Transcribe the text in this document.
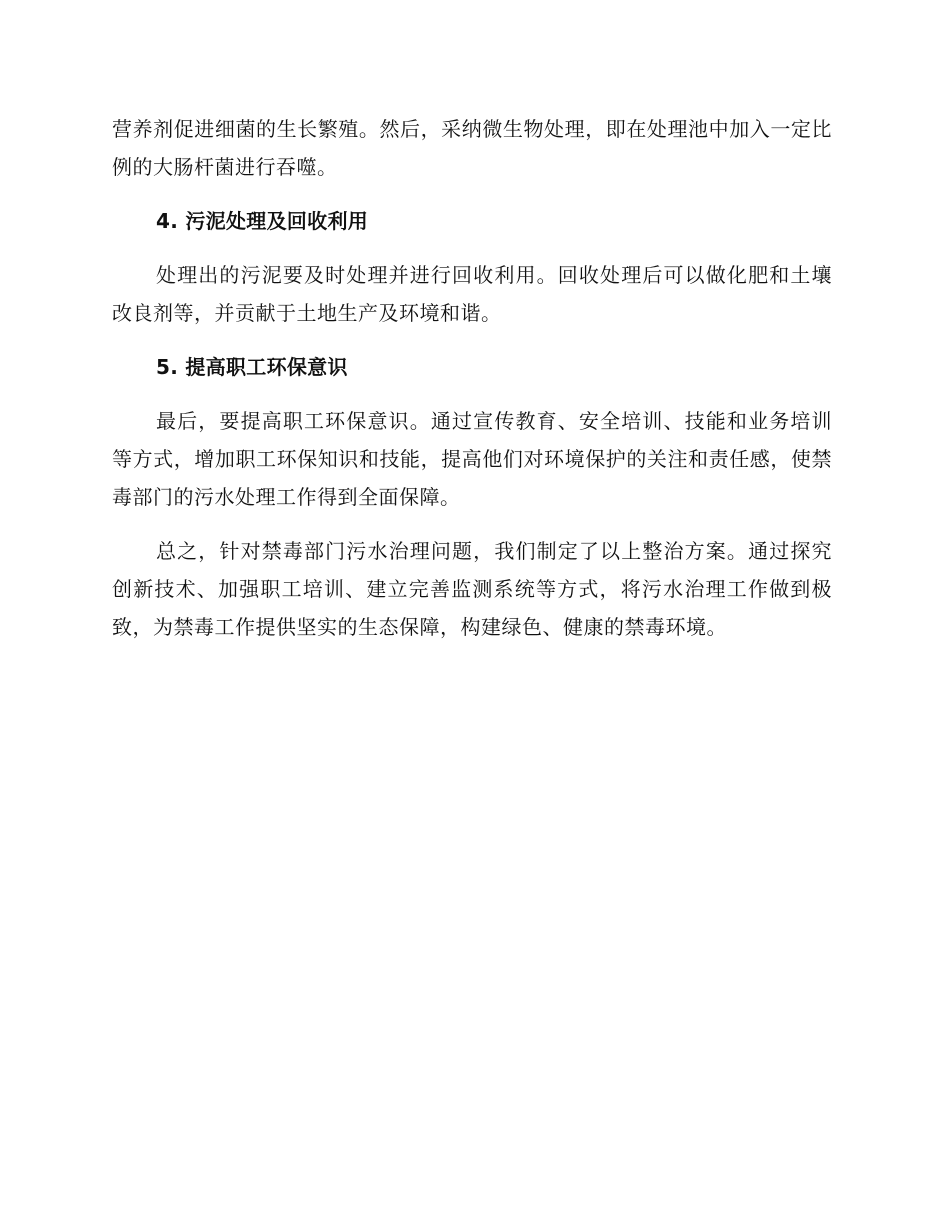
营养剂促进细菌的生长繁殖。然后，采纳微生物处理，即在处理池中加入一定比例的大肠杆菌进行吞噬。

4. 污泥处理及回收利用

处理出的污泥要及时处理并进行回收利用。回收处理后可以做化肥和土壤改良剂等，并贡献于土地生产及环境和谐。

5. 提高职工环保意识

最后，要提高职工环保意识。通过宣传教育、安全培训、技能和业务培训等方式，增加职工环保知识和技能，提高他们对环境保护的关注和责任感，使禁毒部门的污水处理工作得到全面保障。

总之，针对禁毒部门污水治理问题，我们制定了以上整治方案。通过探究创新技术、加强职工培训、建立完善监测系统等方式，将污水治理工作做到极致，为禁毒工作提供坚实的生态保障，构建绿色、健康的禁毒环境。
